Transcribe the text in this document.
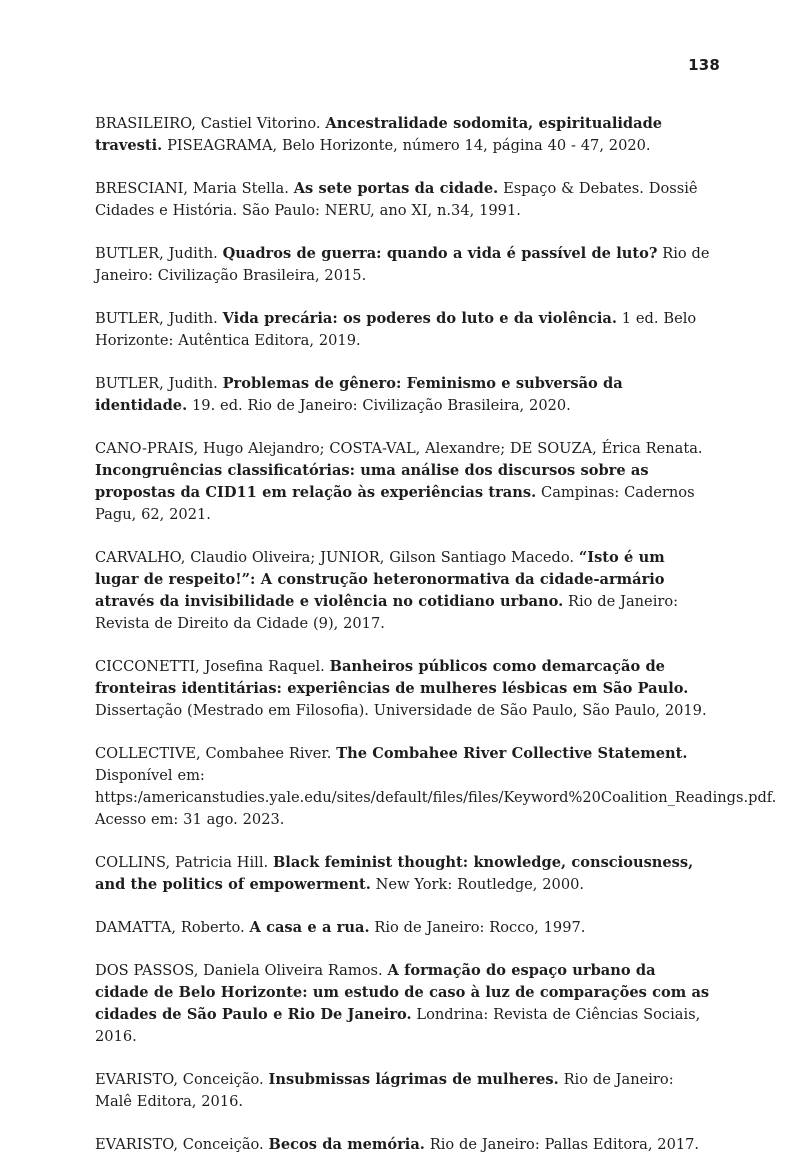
138

BRASILEIRO, Castiel Vitorino. Ancestralidade sodomita, espiritualidade travesti. PISEAGRAMA, Belo Horizonte, número 14, página 40 - 47, 2020.

BRESCIANI, Maria Stella. As sete portas da cidade. Espaço & Debates. Dossiê Cidades e História. São Paulo: NERU, ano XI, n.34, 1991.

BUTLER, Judith. Quadros de guerra: quando a vida é passível de luto? Rio de Janeiro: Civilização Brasileira, 2015.

BUTLER, Judith. Vida precária: os poderes do luto e da violência. 1 ed. Belo Horizonte: Autêntica Editora, 2019.

BUTLER, Judith. Problemas de gênero: Feminismo e subversão da identidade. 19. ed. Rio de Janeiro: Civilização Brasileira, 2020.

CANO-PRAIS, Hugo Alejandro; COSTA-VAL, Alexandre; DE SOUZA, Érica Renata. Incongruências classificatórias: uma análise dos discursos sobre as propostas da CID11 em relação às experiências trans. Campinas: Cadernos Pagu, 62, 2021.

CARVALHO, Claudio Oliveira; JUNIOR, Gilson Santiago Macedo. “Isto é um lugar de respeito!”: A construção heteronormativa da cidade-armário através da invisibilidade e violência no cotidiano urbano. Rio de Janeiro: Revista de Direito da Cidade (9), 2017.

CICCONETTI, Josefina Raquel. Banheiros públicos como demarcação de fronteiras identitárias: experiências de mulheres lésbicas em São Paulo. Dissertação (Mestrado em Filosofia). Universidade de São Paulo, São Paulo, 2019.

COLLECTIVE, Combahee River. The Combahee River Collective Statement. Disponível em: https:/americanstudies.yale.edu/sites/default/files/files/Keyword%20Coalition_Readings.pdf. Acesso em: 31 ago. 2023.

COLLINS, Patricia Hill. Black feminist thought: knowledge, consciousness, and the politics of empowerment. New York: Routledge, 2000.

DAMATTA, Roberto. A casa e a rua. Rio de Janeiro: Rocco, 1997.

DOS PASSOS, Daniela Oliveira Ramos. A formação do espaço urbano da cidade de Belo Horizonte: um estudo de caso à luz de comparações com as cidades de São Paulo e Rio De Janeiro. Londrina: Revista de Ciências Sociais, 2016.

EVARISTO, Conceição. Insubmissas lágrimas de mulheres. Rio de Janeiro: Malê Editora, 2016.

EVARISTO, Conceição. Becos da memória. Rio de Janeiro: Pallas Editora, 2017.
